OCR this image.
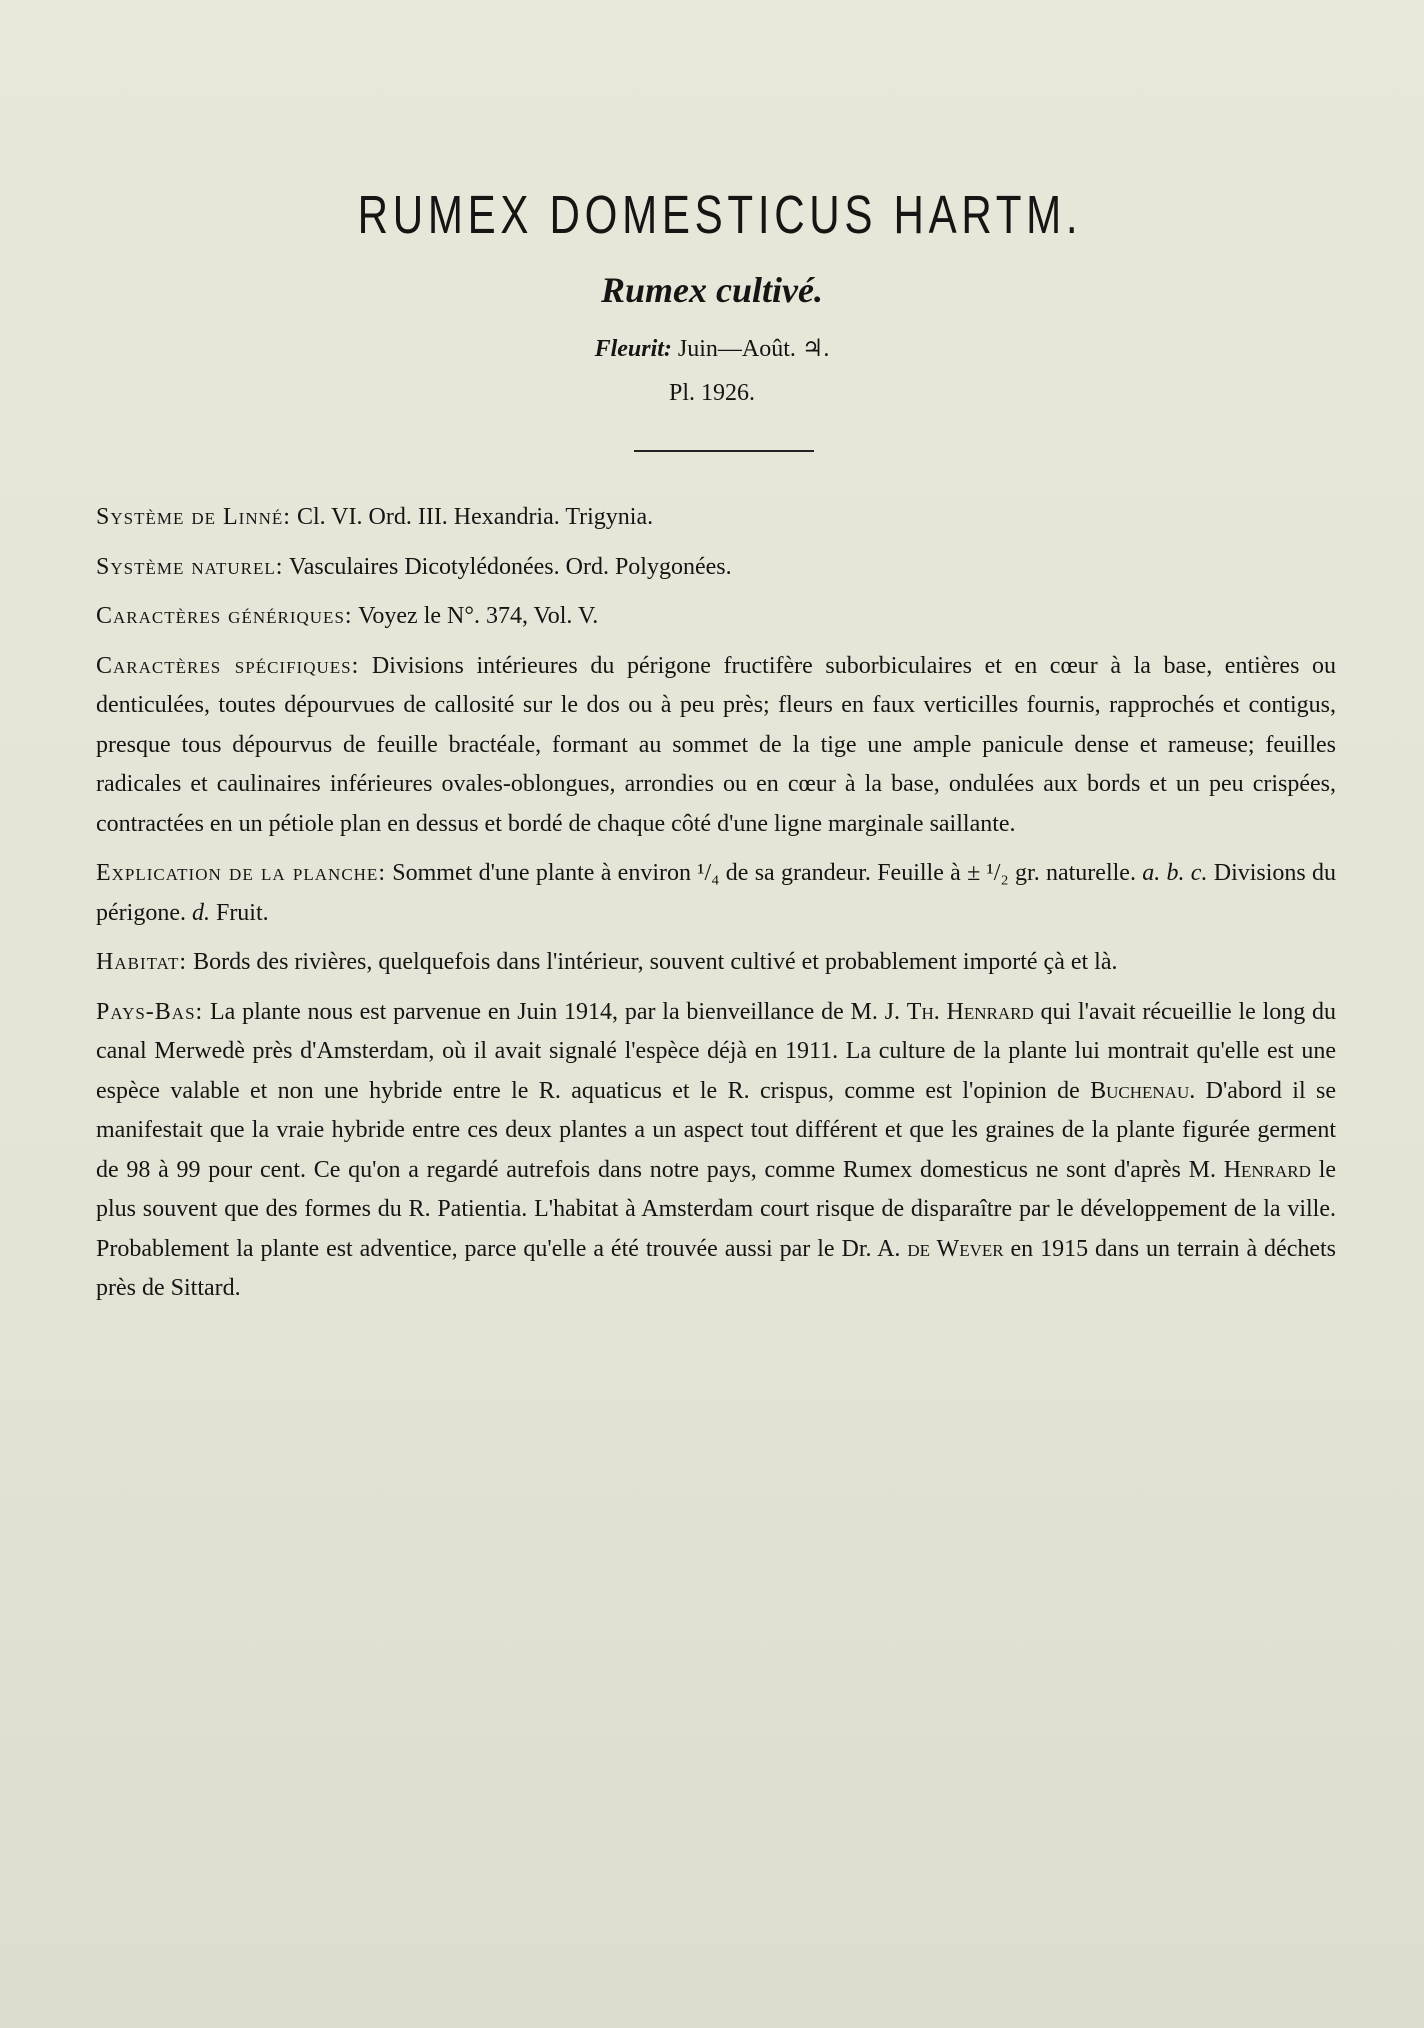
RUMEX DOMESTICUS HARTM.
Rumex cultivé.
Fleurit: Juin—Août. ♃.
Pl. 1926.

Système de Linné: Cl. VI. Ord. III. Hexandria. Trigynia.

Système naturel: Vasculaires Dicotylédonées. Ord. Polygonées.

Caractères génériques: Voyez le N°. 374, Vol. V.

Caractères spécifiques: Divisions intérieures du périgone fructifère suborbiculaires et en cœur à la base, entières ou denticulées, toutes dépourvues de callosité sur le dos ou à peu près; fleurs en faux verticilles fournis, rapprochés et contigus, presque tous dépourvus de feuille bractéale, formant au sommet de la tige une ample panicule dense et rameuse; feuilles radicales et caulinaires inférieures ovales-oblongues, arrondies ou en cœur à la base, ondulées aux bords et un peu crispées, contractées en un pétiole plan en dessus et bordé de chaque côté d'une ligne marginale saillante.

Explication de la planche: Sommet d'une plante à environ ¹/₄ de sa grandeur. Feuille à ± ¹/₂ gr. naturelle. a. b. c. Divisions du périgone. d. Fruit.

Habitat: Bords des rivières, quelquefois dans l'intérieur, souvent cultivé et probablement importé çà et là.

Pays-Bas: La plante nous est parvenue en Juin 1914, par la bienveillance de M. J. Th. Henrard qui l'avait récueillie le long du canal Merwedè près d'Amsterdam, où il avait signalé l'espèce déjà en 1911. La culture de la plante lui montrait qu'elle est une espèce valable et non une hybride entre le R. aquaticus et le R. crispus, comme est l'opinion de Buchenau. D'abord il se manifestait que la vraie hybride entre ces deux plantes a un aspect tout différent et que les graines de la plante figurée germent de 98 à 99 pour cent. Ce qu'on a regardé autrefois dans notre pays, comme Rumex domesticus ne sont d'après M. Henrard le plus souvent que des formes du R. Patientia. L'habitat à Amsterdam court risque de disparaître par le développement de la ville. Probablement la plante est adventice, parce qu'elle a été trouvée aussi par le Dr. A. de Wever en 1915 dans un terrain à déchets près de Sittard.
